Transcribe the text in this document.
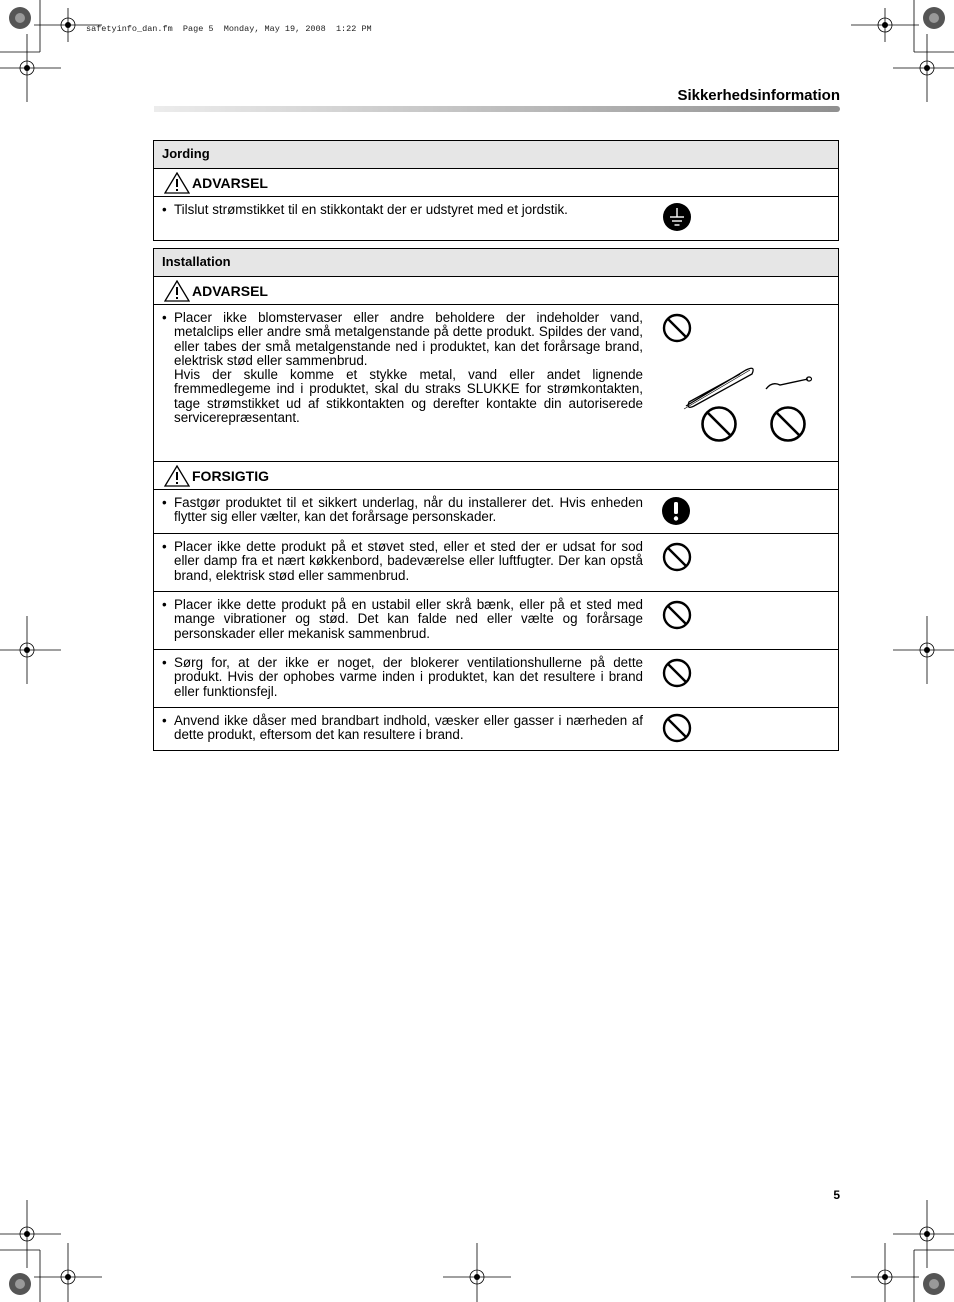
safetyinfo_dan.fm  Page 5  Monday, May 19, 2008  1:22 PM
Sikkerhedsinformation
Jording
ADVARSEL
• Tilslut strømstikket til en stikkontakt der er udstyret med et jordstik.

Installation
ADVARSEL
• Placer ikke blomstervaser eller andre beholdere der indeholder vand, metalclips eller andre små metalgenstande på dette produkt. Spildes der vand, eller tabes der små metalgenstande ned i produktet, kan det forårsage brand, elektrisk stød eller sammenbrud.

Hvis der skulle komme et stykke metal, vand eller andet lignende fremmedlegeme ind i produktet, skal du straks SLUKKE for strømkontakten, tage strømstikket ud af stikkontakten og derefter kontakte din autoriserede servicerepræsentant.

FORSIGTIG
• Fastgør produktet til et sikkert underlag, når du installerer det. Hvis enheden flytter sig eller vælter, kan det forårsage personskader.

• Placer ikke dette produkt på et støvet sted, eller et sted der er udsat for sod eller damp fra et nært køkkenbord, badeværelse eller luftfugter. Der kan opstå brand, elektrisk stød eller sammenbrud.

• Placer ikke dette produkt på en ustabil eller skrå bænk, eller på et sted med mange vibrationer og stød. Det kan falde ned eller vælte og forårsage personskader eller mekanisk sammenbrud.

• Sørg for, at der ikke er noget, der blokerer ventilationshullerne på dette produkt. Hvis der ophobes varme inden i produktet, kan det resultere i brand eller funktionsfejl.

• Anvend ikke dåser med brandbart indhold, væsker eller gasser i nærheden af dette produkt, eftersom det kan resultere i brand.

5
